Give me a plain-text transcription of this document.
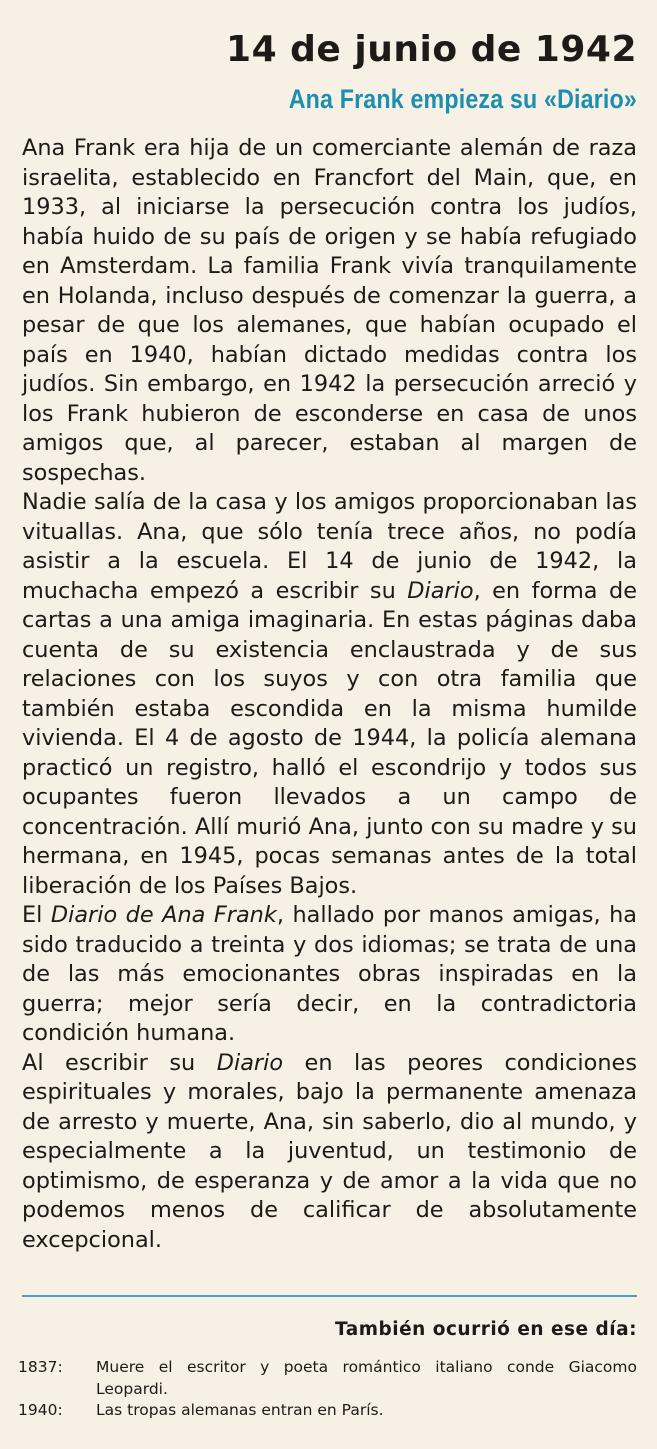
14 de junio de 1942
Ana Frank empieza su «Diario»

Ana Frank era hija de un comerciante alemán de raza israelita, establecido en Francfort del Main, que, en 1933, al iniciarse la persecución contra los judíos, había huido de su país de origen y se había refugiado en Amsterdam. La familia Frank vivía tranquilamente en Holanda, incluso después de comenzar la guerra, a pesar de que los alemanes, que habían ocupado el país en 1940, habían dictado medidas contra los judíos. Sin embargo, en 1942 la persecución arreció y los Frank hubieron de esconderse en casa de unos amigos que, al parecer, estaban al margen de sospechas.

Nadie salía de la casa y los amigos proporcionaban las vituallas. Ana, que sólo tenía trece años, no podía asistir a la escuela. El 14 de junio de 1942, la muchacha empezó a escribir su Diario, en forma de cartas a una amiga imaginaria. En estas páginas daba cuenta de su existencia enclaustrada y de sus relaciones con los suyos y con otra familia que también estaba escondida en la misma humilde vivienda. El 4 de agosto de 1944, la policía alemana practicó un registro, halló el escondrijo y todos sus ocupantes fueron llevados a un campo de concentración. Allí murió Ana, junto con su madre y su hermana, en 1945, pocas semanas antes de la total liberación de los Países Bajos.

El Diario de Ana Frank, hallado por manos amigas, ha sido traducido a treinta y dos idiomas; se trata de una de las más emocionantes obras inspiradas en la guerra; mejor sería decir, en la contradictoria condición humana.

Al escribir su Diario en las peores condiciones espirituales y morales, bajo la permanente amenaza de arresto y muerte, Ana, sin saberlo, dio al mundo, y especialmente a la juventud, un testimonio de optimismo, de esperanza y de amor a la vida que no podemos menos de calificar de absolutamente excepcional.

También ocurrió en ese día:
1837:	Muere el escritor y poeta romántico italiano conde Giacomo Leopardi.
1940:	Las tropas alemanas entran en París.
